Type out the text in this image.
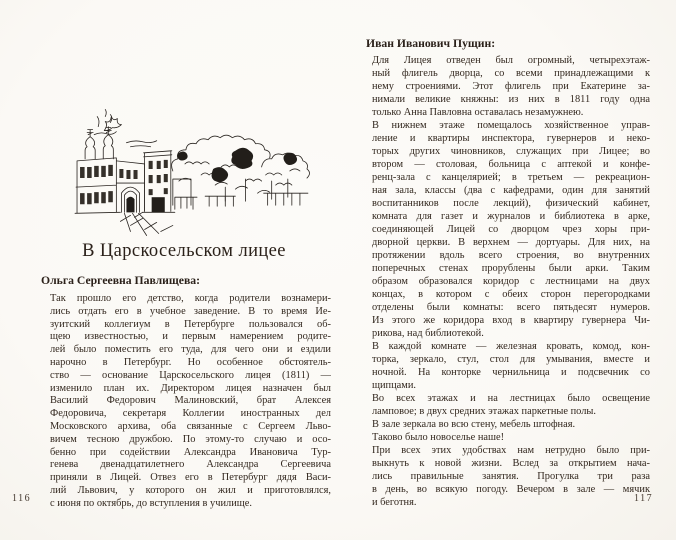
В Царскосельском лицее
Ольга Сергеевна Павлищева:
Так прошло его детство, когда родители вознамери-
лись отдать его в учебное заведение. В то время Ие-
зуитский коллегиум в Петербурге пользовался об-
щею известностью, и первым намерением родите-
лей было поместить его туда, для чего они и ездили
нарочно в Петербург. Но особенное обстоятель-
ство — основание Царскосельского лицея (1811) —
изменило план их. Директором лицея назначен был
Василий Федорович Малиновский, брат Алексея
Федоровича, секретаря Коллегии иностранных дел
Московского архива, оба связанные с Сергеем Льво-
вичем тесною дружбою. По этому-то случаю и осо-
бенно при содействии Александра Ивановича Тур-
генева двенадцатилетнего Александра Сергеевича
приняли в Лицей. Отвез его в Петербург дядя Васи-
лий Львович, у которого он жил и приготовлялся,
с июня по октябрь, до вступления в училище.
116
Иван Иванович Пущин:
Для Лицея отведен был огромный, четырехэтаж-
ный флигель дворца, со всеми принадлежащими к
нему строениями. Этот флигель при Екатерине за-
нимали великие княжны: из них в 1811 году одна
только Анна Павловна оставалась незамужнею.
В нижнем этаже помещалось хозяйственное управ-
ление и квартиры инспектора, гувернеров и неко-
торых других чиновников, служащих при Лицее; во
втором — столовая, больница с аптекой и конфе-
ренц-зала с канцелярией; в третьем — рекреацион-
ная зала, классы (два с кафедрами, один для занятий
воспитанников после лекций), физический кабинет,
комната для газет и журналов и библиотека в арке,
соединяющей Лицей со дворцом чрез хоры при-
дворной церкви. В верхнем — дортуары. Для них, на
протяжении вдоль всего строения, во внутренних
поперечных стенах прорублены были арки. Таким
образом образовался коридор с лестницами на двух
концах, в котором с обеих сторон перегородками
отделены были комнаты: всего пятьдесят нумеров.
Из этого же коридора вход в квартиру гувернера Чи-
рикова, над библиотекой.
В каждой комнате — железная кровать, комод, кон-
торка, зеркало, стул, стол для умывания, вместе и
ночной. На конторке чернильница и подсвечник со
щипцами.
Во всех этажах и на лестницах было освещение
ламповое; в двух средних этажах паркетные полы.
В зале зеркала во всю стену, мебель штофная.
Таково было новоселье наше!
При всех этих удобствах нам нетрудно было при-
выкнуть к новой жизни. Вслед за открытием нача-
лись правильные занятия. Прогулка три раза
в день, во всякую погоду. Вечером в зале — мячик
и беготня.	117
